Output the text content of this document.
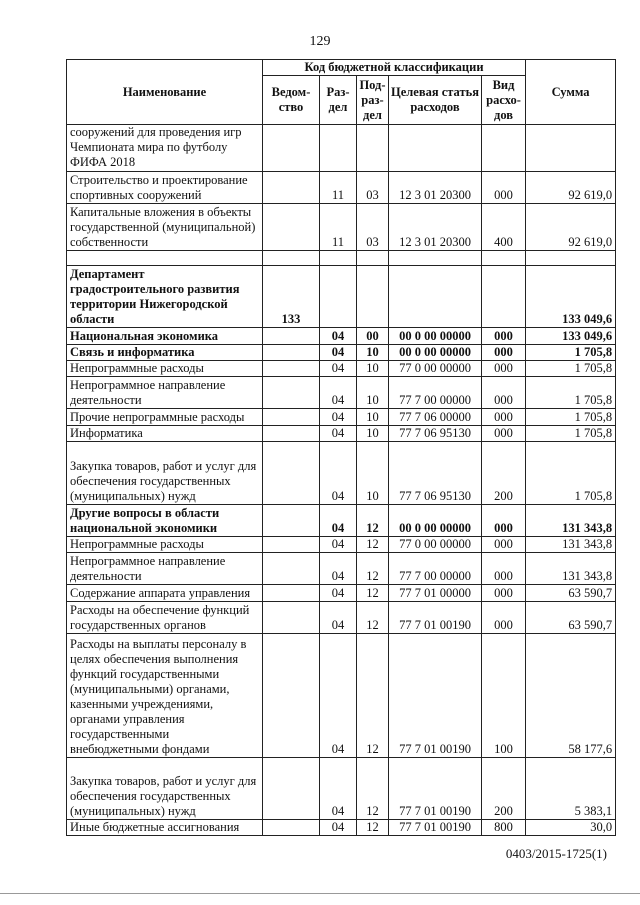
129
Наименование	Код бюджетной классификации					Сумма
	Ведом-ство	Раз-дел	Под-раз-дел	Целевая статья расходов	Вид расхо-дов	
сооружений для проведения игр Чемпионата мира по футболу ФИФА 2018						
Строительство и проектирование спортивных сооружений		11	03	12 3 01 20300	000	92 619,0
Капитальные вложения в объекты государственной (муниципальной) собственности		11	03	12 3 01 20300	400	92 619,0

Департамент градостроительного развития территории Нижегородской области	133					133 049,6
Национальная экономика		04	00	00 0 00 00000	000	133 049,6
Связь и информатика		04	10	00 0 00 00000	000	1 705,8
Непрограммные расходы		04	10	77 0 00 00000	000	1 705,8
Непрограммное направление деятельности		04	10	77 7 00 00000	000	1 705,8
Прочие непрограммные расходы		04	10	77 7 06 00000	000	1 705,8
Информатика		04	10	77 7 06 95130	000	1 705,8
Закупка товаров, работ и услуг для обеспечения государственных (муниципальных) нужд		04	10	77 7 06 95130	200	1 705,8
Другие вопросы в области национальной экономики		04	12	00 0 00 00000	000	131 343,8
Непрограммные расходы		04	12	77 0 00 00000	000	131 343,8
Непрограммное направление деятельности		04	12	77 7 00 00000	000	131 343,8
Содержание аппарата управления		04	12	77 7 01 00000	000	63 590,7
Расходы на обеспечение функций государственных органов		04	12	77 7 01 00190	000	63 590,7
Расходы на выплаты персоналу в целях обеспечения выполнения функций государственными (муниципальными) органами, казенными учреждениями, органами управления государственными внебюджетными фондами		04	12	77 7 01 00190	100	58 177,6
Закупка товаров, работ и услуг для обеспечения государственных (муниципальных) нужд		04	12	77 7 01 00190	200	5 383,1
Иные бюджетные ассигнования		04	12	77 7 01 00190	800	30,0
0403/2015-1725(1)
